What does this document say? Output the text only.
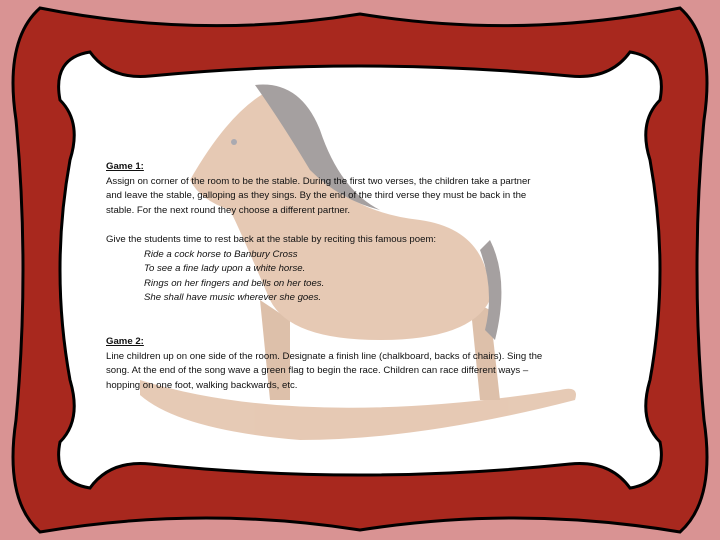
Game 1:

Assign on corner of the room to be the stable. During the first two verses, the children take a partner

and leave the stable, galloping as they sings. By the end of the third verse they must be back in the

stable. For the next round they choose a different partner.

Give the students time to rest back at the stable by reciting this famous poem:

Ride a cock horse to Banbury Cross

To see a fine lady upon a white horse.

Rings on her fingers and bells on her toes.

She shall have music wherever she goes.

Game 2:

Line children up on one side of the room. Designate a finish line (chalkboard, backs of chairs). Sing the

song. At the end of the song wave a green flag to begin the race. Children can race different ways –

hopping on one foot, walking backwards, etc.
